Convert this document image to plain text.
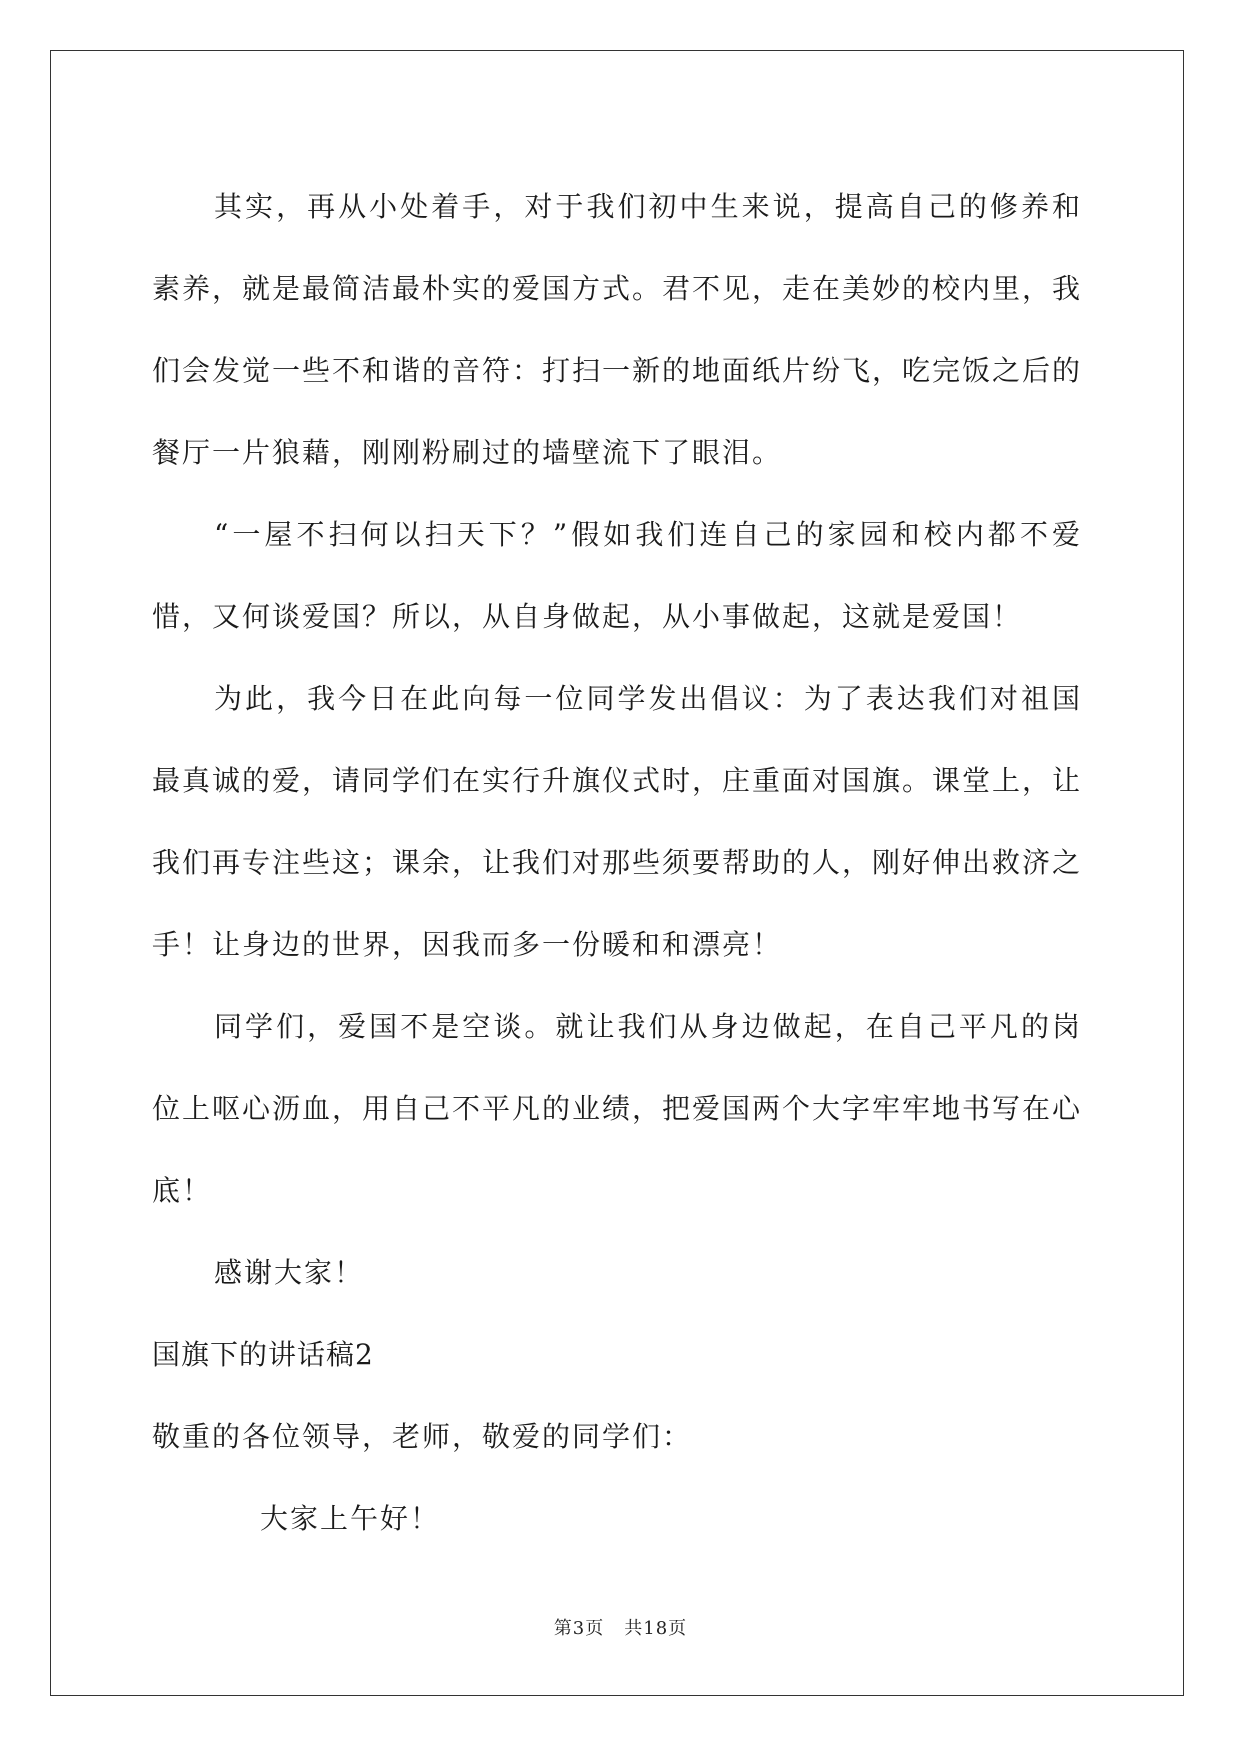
其实，再从小处着手，对于我们初中生来说，提高自己的修养和素养，就是最简洁最朴实的爱国方式。君不见，走在美妙的校内里，我们会发觉一些不和谐的音符：打扫一新的地面纸片纷飞，吃完饭之后的餐厅一片狼藉，刚刚粉刷过的墙壁流下了眼泪。

“一屋不扫何以扫天下？”假如我们连自己的家园和校内都不爱惜，又何谈爱国？所以，从自身做起，从小事做起，这就是爱国！

为此，我今日在此向每一位同学发出倡议：为了表达我们对祖国最真诚的爱，请同学们在实行升旗仪式时，庄重面对国旗。课堂上，让我们再专注些这；课余，让我们对那些须要帮助的人，刚好伸出救济之手！让身边的世界，因我而多一份暖和和漂亮！

同学们，爱国不是空谈。就让我们从身边做起，在自己平凡的岗位上呕心沥血，用自己不平凡的业绩，把爱国两个大字牢牢地书写在心底！

感谢大家！

国旗下的讲话稿2

敬重的各位领导，老师，敬爱的同学们：

大家上午好！

第3页 共18页
